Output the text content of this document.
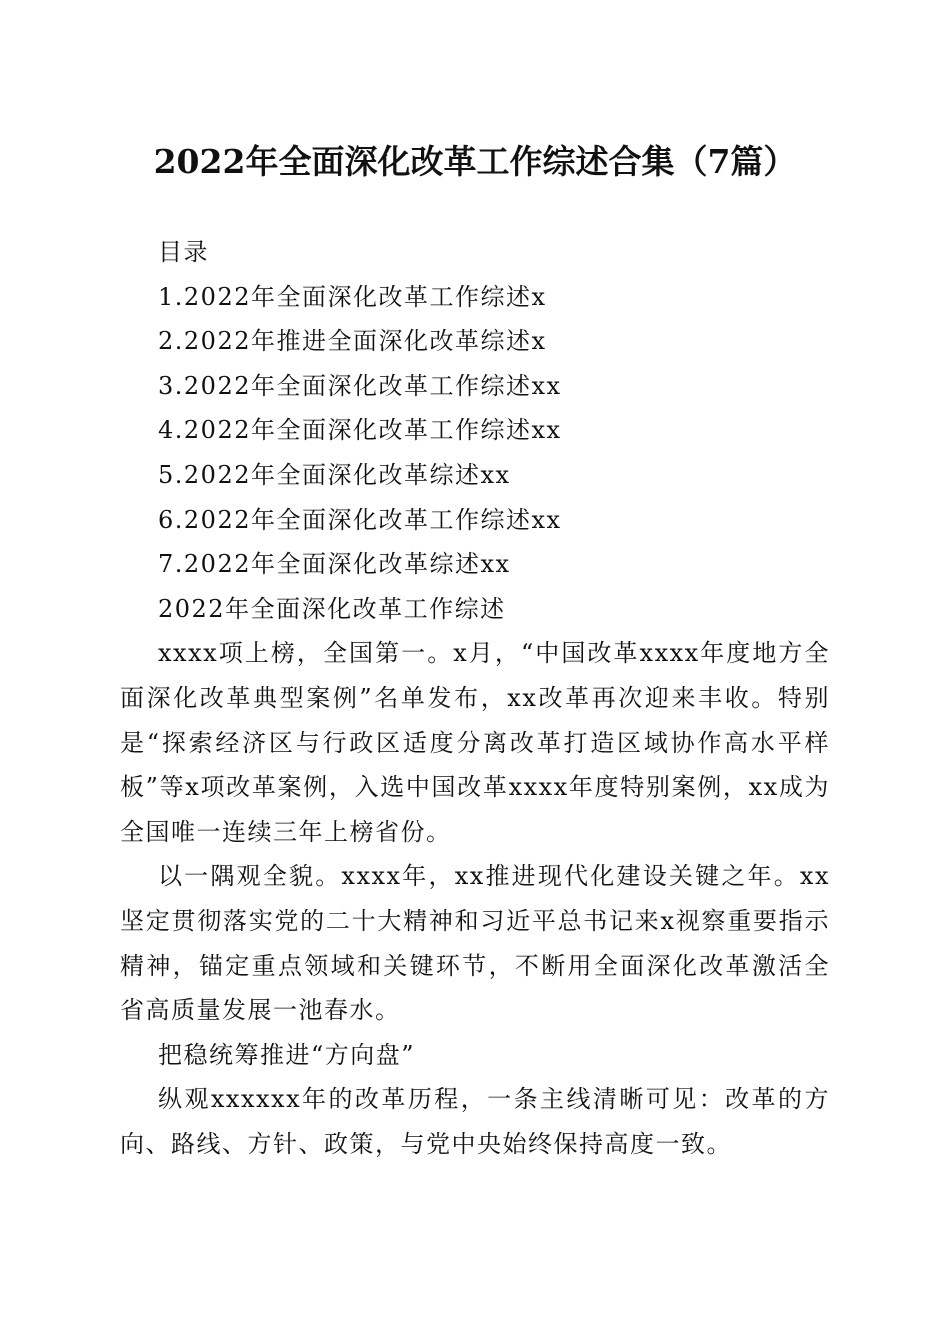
2022年全面深化改革工作综述合集（7篇）

目录

1.2022年全面深化改革工作综述x

2.2022年推进全面深化改革综述x

3.2022年全面深化改革工作综述xx

4.2022年全面深化改革工作综述xx

5.2022年全面深化改革综述xx

6.2022年全面深化改革工作综述xx

7.2022年全面深化改革综述xx

2022年全面深化改革工作综述

xxxx项上榜，全国第一。x月，“中国改革xxxx年度地方全面深化改革典型案例”名单发布，xx改革再次迎来丰收。特别是“探索经济区与行政区适度分离改革打造区域协作高水平样板”等x项改革案例，入选中国改革xxxx年度特别案例，xx成为全国唯一连续三年上榜省份。

以一隅观全貌。xxxx年，xx推进现代化建设关键之年。xx坚定贯彻落实党的二十大精神和习近平总书记来x视察重要指示精神，锚定重点领域和关键环节，不断用全面深化改革激活全省高质量发展一池春水。

把稳统筹推进“方向盘”

纵观xxxxxx年的改革历程，一条主线清晰可见：改革的方向、路线、方针、政策，与党中央始终保持高度一致。
